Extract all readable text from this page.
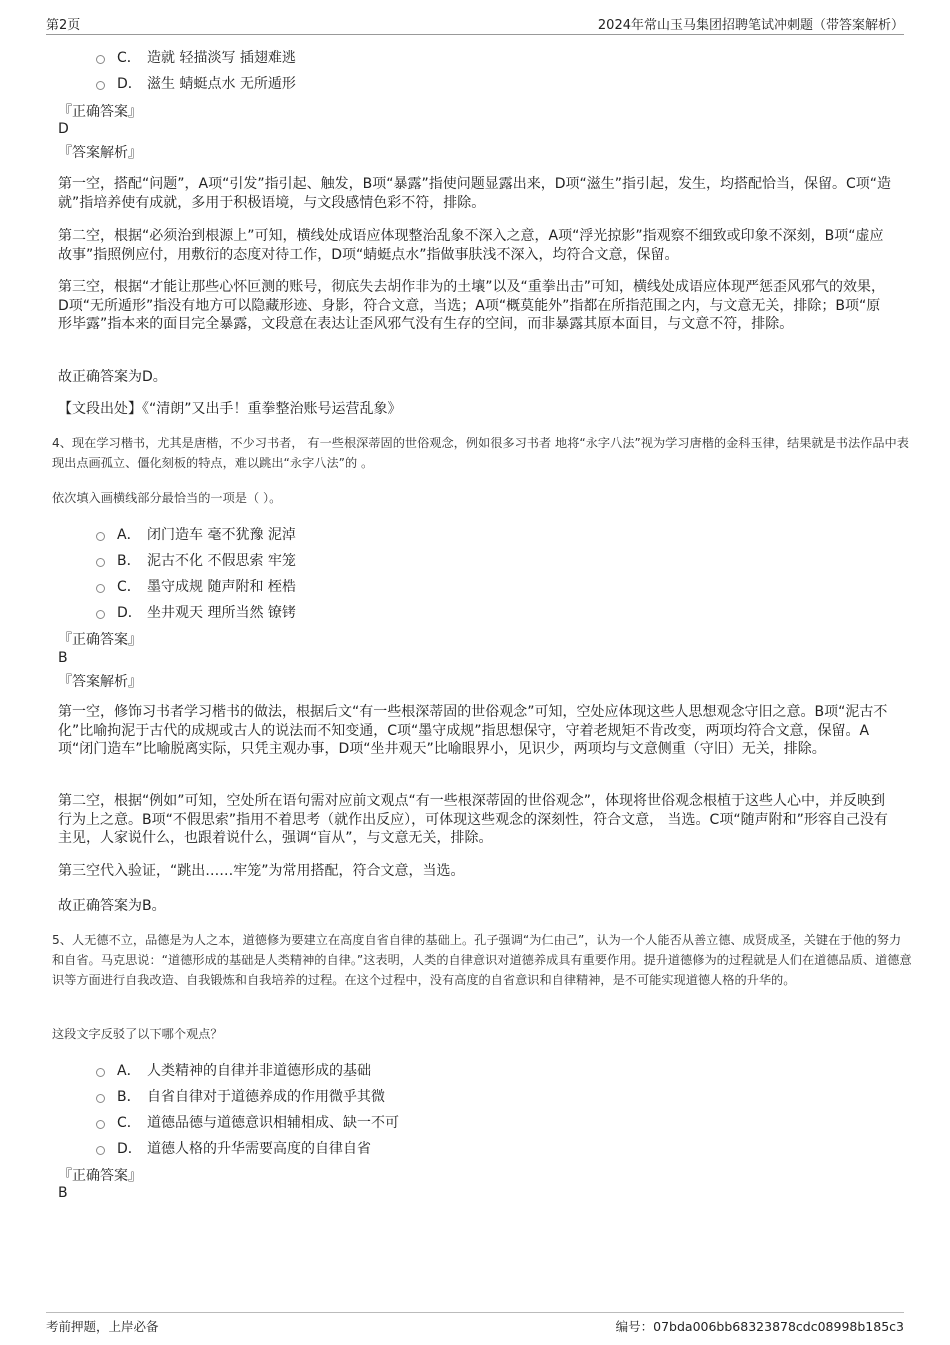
第2页	2024年常山玉马集团招聘笔试冲刺题（带答案解析）
C． 造就 轻描淡写 插翅难逃
D． 滋生 蜻蜓点水 无所遁形
『正确答案』
D
『答案解析』
第一空，搭配“问题”，A项“引发”指引起、触发，B项“暴露”指使问题显露出来，D项“滋生”指引起，发生，均搭配恰当，保留。C项“造就”指培养使有成就，多用于积极语境，与文段感情色彩不符，排除。
第二空，根据“必须治到根源上”可知，横线处成语应体现整治乱象不深入之意，A项“浮光掠影”指观察不细致或印象不深刻，B项“虚应故事”指照例应付，用敷衍的态度对待工作，D项“蜻蜓点水”指做事肤浅不深入，均符合文意，保留。
第三空，根据“才能让那些心怀叵测的账号，彻底失去胡作非为的土壤”以及“重拳出击”可知，横线处成语应体现严惩歪风邪气的效果，D项“无所遁形”指没有地方可以隐藏形迹、身影，符合文意，当选；A项“概莫能外”指都在所指范围之内，与文意无关，排除；B项“原形毕露”指本来的面目完全暴露，文段意在表达让歪风邪气没有生存的空间，而非暴露其原本面目，与文意不符，排除。
故正确答案为D。
【文段出处】《“清朗”又出手！重拳整治账号运营乱象》
4、现在学习楷书，尤其是唐楷，不少习书者， 有一些根深蒂固的世俗观念，例如很多习书者 地将“永字八法”视为学习唐楷的金科玉律，结果就是书法作品中表现出点画孤立、僵化刻板的特点，难以跳出“永字八法”的 。
依次填入画横线部分最恰当的一项是（ ）。
A． 闭门造车 毫不犹豫 泥淖
B． 泥古不化 不假思索 牢笼
C． 墨守成规 随声附和 桎梏
D． 坐井观天 理所当然 镣铐
『正确答案』
B
『答案解析』
第一空，修饰习书者学习楷书的做法，根据后文“有一些根深蒂固的世俗观念”可知，空处应体现这些人思想观念守旧之意。B项“泥古不化”比喻拘泥于古代的成规或古人的说法而不知变通，C项“墨守成规”指思想保守，守着老规矩不肯改变，两项均符合文意，保留。A项“闭门造车”比喻脱离实际，只凭主观办事，D项“坐井观天”比喻眼界小，见识少，两项均与文意侧重（守旧）无关，排除。
第二空，根据“例如”可知，空处所在语句需对应前文观点“有一些根深蒂固的世俗观念”，体现将世俗观念根植于这些人心中，并反映到行为上之意。B项“不假思索”指用不着思考（就作出反应），可体现这些观念的深刻性，符合文意， 当选。C项“随声附和”形容自己没有主见，人家说什么，也跟着说什么，强调“盲从”，与文意无关，排除。
第三空代入验证，“跳出……牢笼”为常用搭配，符合文意，当选。
故正确答案为B。
5、人无德不立，品德是为人之本，道德修为要建立在高度自省自律的基础上。孔子强调“为仁由己”，认为一个人能否从善立德、成贤成圣，关键在于他的努力和自省。马克思说：“道德形成的基础是人类精神的自律。”这表明，人类的自律意识对道德养成具有重要作用。提升道德修为的过程就是人们在道德品质、道德意识等方面进行自我改造、自我锻炼和自我培养的过程。在这个过程中，没有高度的自省意识和自律精神，是不可能实现道德人格的升华的。
这段文字反驳了以下哪个观点？
A． 人类精神的自律并非道德形成的基础
B． 自省自律对于道德养成的作用微乎其微
C． 道德品德与道德意识相辅相成、缺一不可
D． 道德人格的升华需要高度的自律自省
『正确答案』
B
考前押题，上岸必备	编号：07bda006bb68323878cdc08998b185c3
